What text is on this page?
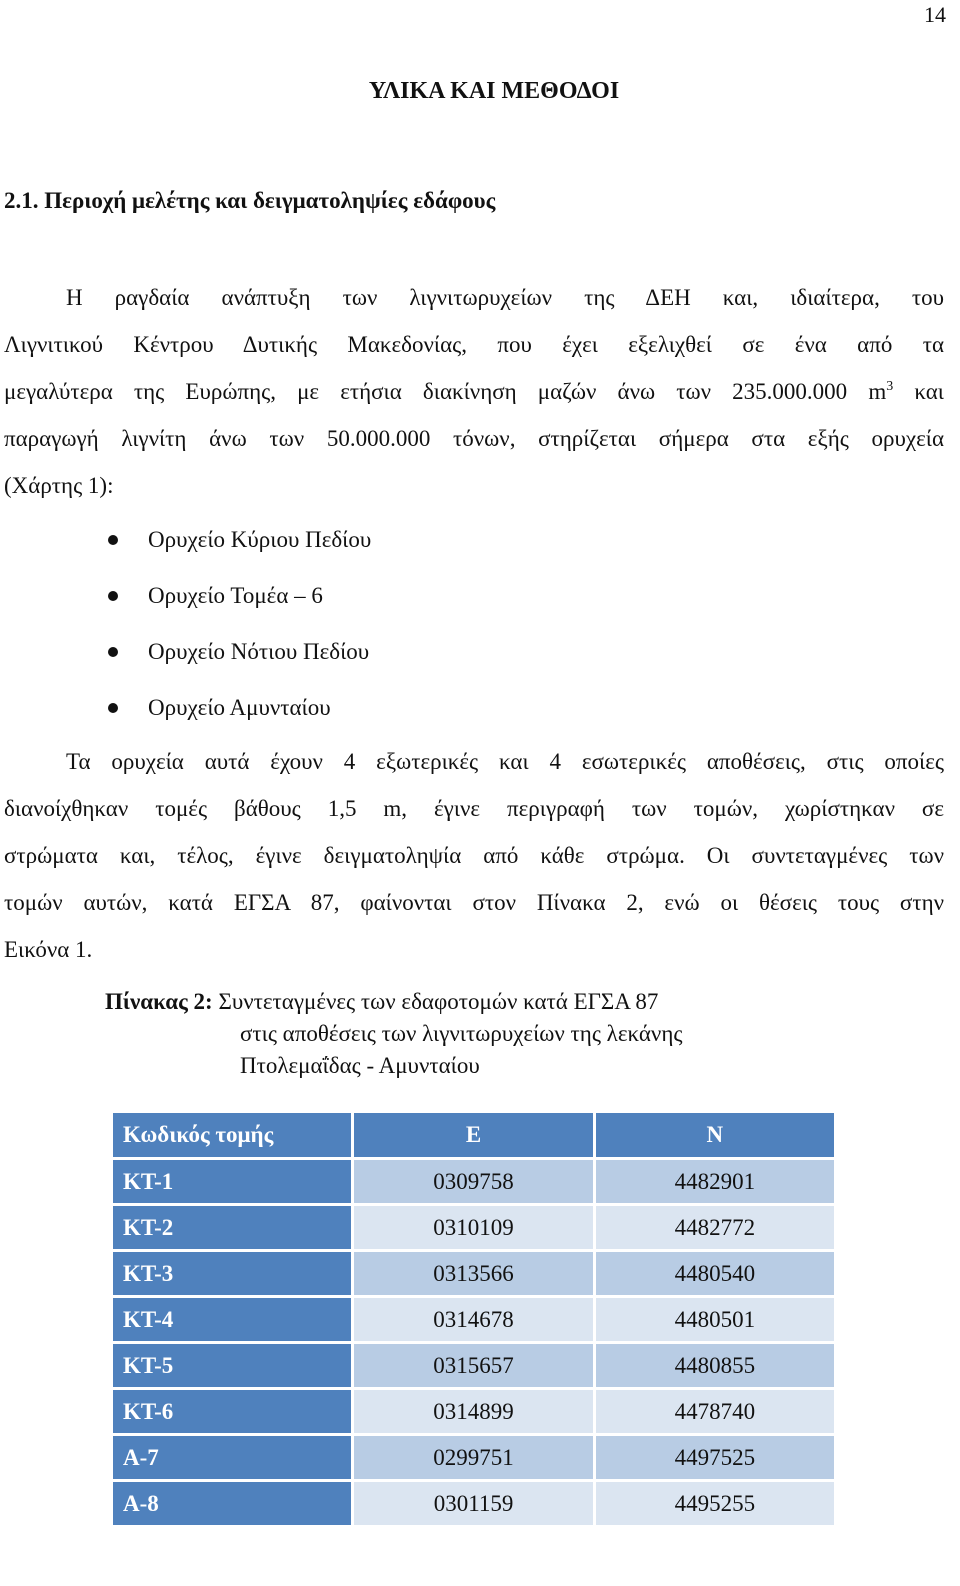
14
ΥΛΙΚΑ ΚΑΙ ΜΕΘΟΔΟΙ
2.1. Περιοχή μελέτης και δειγματοληψίες εδάφους
Η ραγδαία ανάπτυξη των λιγνιτωρυχείων της ΔΕΗ και, ιδιαίτερα, του
Λιγνιτικού Κέντρου Δυτικής Μακεδονίας, που έχει εξελιχθεί σε ένα από τα
μεγαλύτερα της Ευρώπης, με ετήσια διακίνηση μαζών άνω των 235.000.000 $m^3$ και
παραγωγή λιγνίτη άνω των 50.000.000 τόνων, στηρίζεται σήμερα στα εξής ορυχεία
(Χάρτης 1):
Ορυχείο Κύριου Πεδίου
Ορυχείο Τομέα – 6
Ορυχείο Νότιου Πεδίου
Ορυχείο Αμυνταίου
Τα ορυχεία αυτά έχουν 4 εξωτερικές και 4 εσωτερικές αποθέσεις, στις οποίες
διανοίχθηκαν τομές βάθους 1,5 m, έγινε περιγραφή των τομών, χωρίστηκαν σε
στρώματα και, τέλος, έγινε δειγματοληψία από κάθε στρώμα. Οι συντεταγμένες των
τομών αυτών, κατά ΕΓΣΑ 87, φαίνονται στον Πίνακα 2, ενώ οι θέσεις τους στην
Εικόνα 1.
Πίνακας 2: Συντεταγμένες των εδαφοτομών κατά ΕΓΣΑ 87
στις αποθέσεις των λιγνιτωρυχείων της λεκάνης
Πτολεμαΐδας - Αμυνταίου
Κωδικός τομής	E	N
ΚΤ-1	0309758	4482901
ΚΤ-2	0310109	4482772
ΚΤ-3	0313566	4480540
ΚΤ-4	0314678	4480501
ΚΤ-5	0315657	4480855
ΚΤ-6	0314899	4478740
Α-7	0299751	4497525
Α-8	0301159	4495255
